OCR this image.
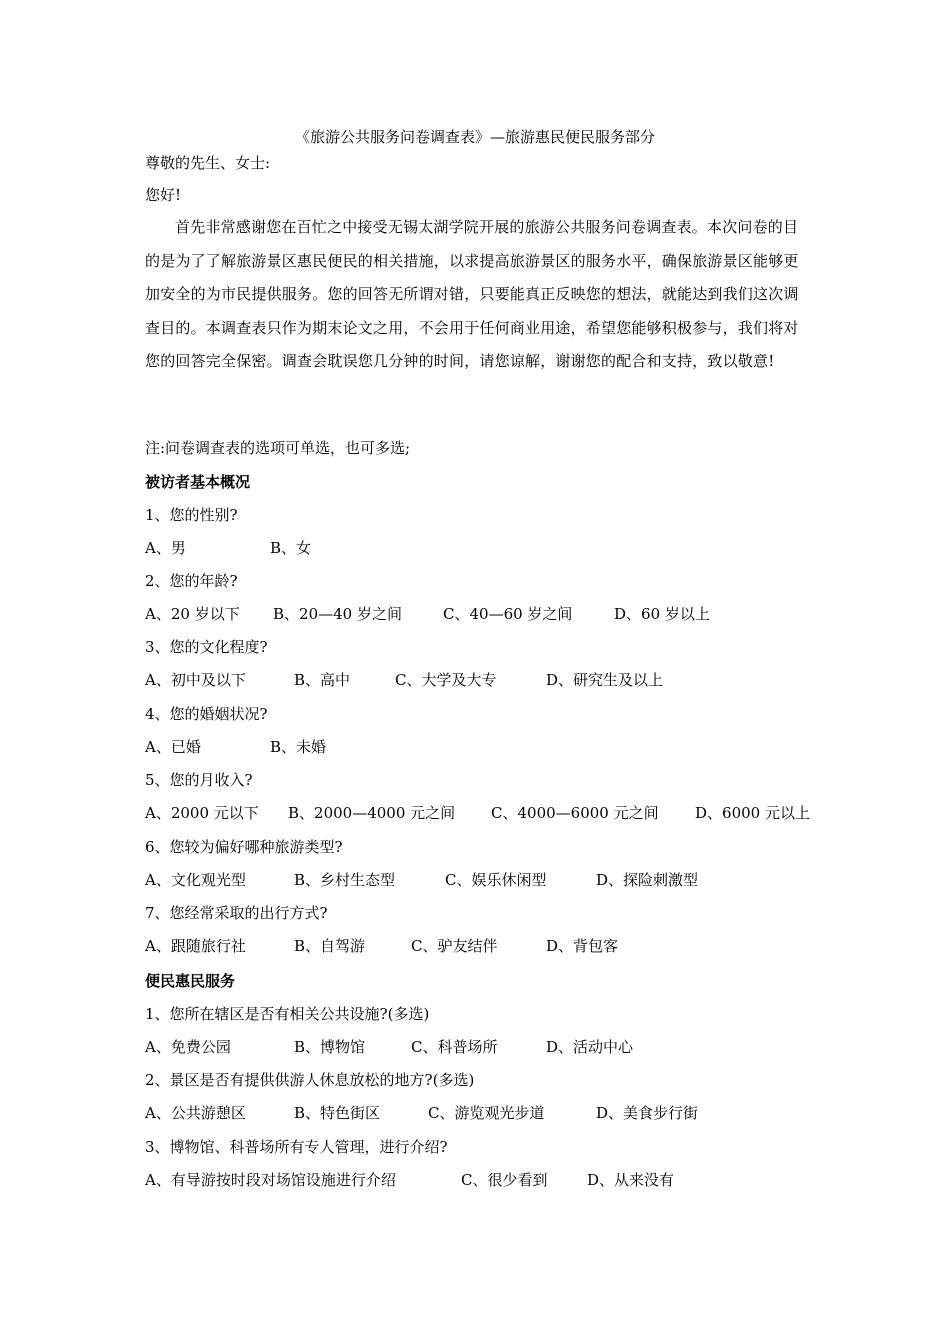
《旅游公共服务问卷调查表》—旅游惠民便民服务部分
尊敬的先生、女士:
您好!
首先非常感谢您在百忙之中接受无锡太湖学院开展的旅游公共服务问卷调查表。本次问卷的目的是为了了解旅游景区惠民便民的相关措施，以求提高旅游景区的服务水平，确保旅游景区能够更加安全的为市民提供服务。您的回答无所谓对错，只要能真正反映您的想法，就能达到我们这次调查目的。本调查表只作为期末论文之用，不会用于任何商业用途，希望您能够积极参与，我们将对您的回答完全保密。调查会耽误您几分钟的时间，请您谅解，谢谢您的配合和支持，致以敬意!
注:问卷调查表的选项可单选，也可多选;
被访者基本概况
1、您的性别?
A、男	B、女
2、您的年龄?
A、20 岁以下 B、20—40 岁之间	C、40—60 岁之间	D、60 岁以上
3、您的文化程度?
A、初中及以下	B、高中	C、大学及大专	D、研究生及以上
4、您的婚姻状况?
A、已婚	B、未婚
5、您的月收入?
A、2000 元以下 B、2000—4000 元之间 C、4000—6000 元之间 D、6000 元以上
6、您较为偏好哪种旅游类型?
A、文化观光型	B、乡村生态型	C、娱乐休闲型	D、探险刺激型
7、您经常采取的出行方式?
A、跟随旅行社	B、自驾游	C、驴友结伴	D、背包客
便民惠民服务
1、您所在辖区是否有相关公共设施?(多选)
A、免费公园	B、博物馆	C、科普场所	D、活动中心
2、景区是否有提供供游人休息放松的地方?(多选)
A、公共游憩区	B、特色街区	C、游览观光步道	D、美食步行街
3、博物馆、科普场所有专人管理，进行介绍?
A、有导游按时段对场馆设施进行介绍	C、很少看到	D、从来没有
